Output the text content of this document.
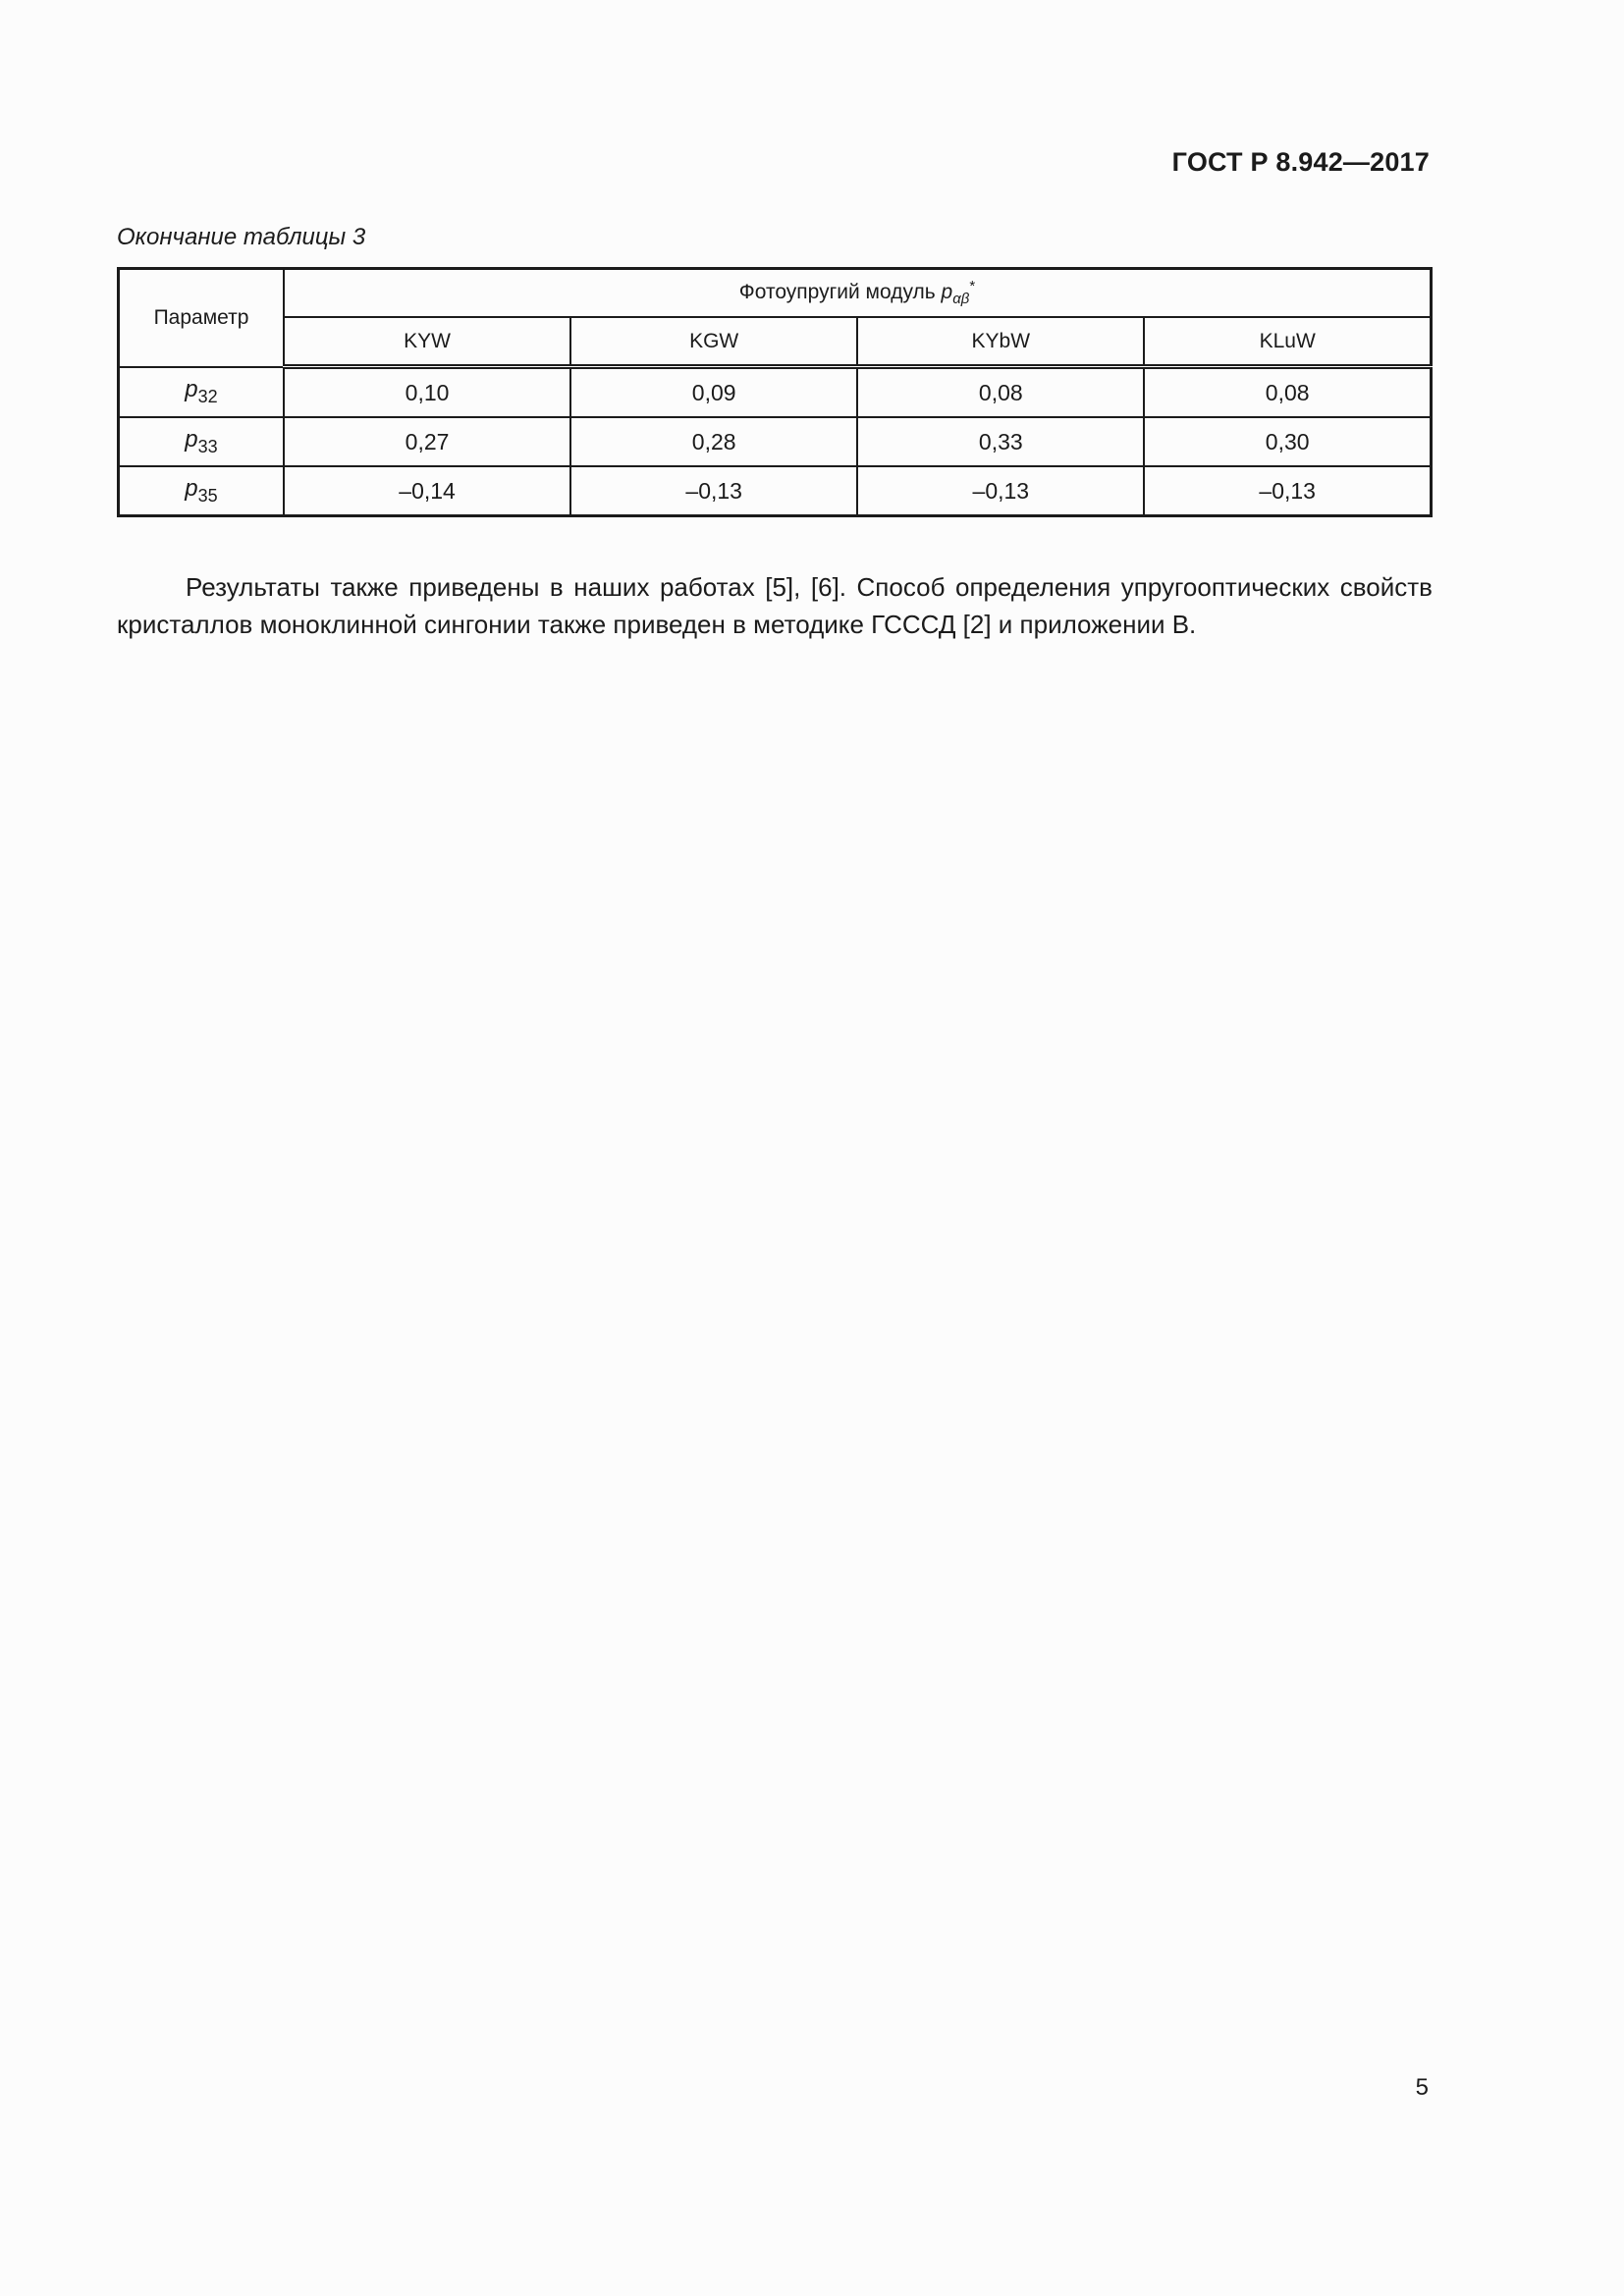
ГОСТ Р 8.942—2017
Окончание таблицы 3
Параметр	Фотоупругий модуль $p_{\alpha\beta}^*$
	KYW	KGW	KYbW	KLuW
$p_{32}$	0,10	0,09	0,08	0,08
$p_{33}$	0,27	0,28	0,33	0,30
$p_{35}$	–0,14	–0,13	–0,13	–0,13

Результаты также приведены в наших работах [5], [6]. Способ определения упругооптических свойств кристаллов моноклинной сингонии также приведен в методике ГСССД [2] и приложении В.

5
